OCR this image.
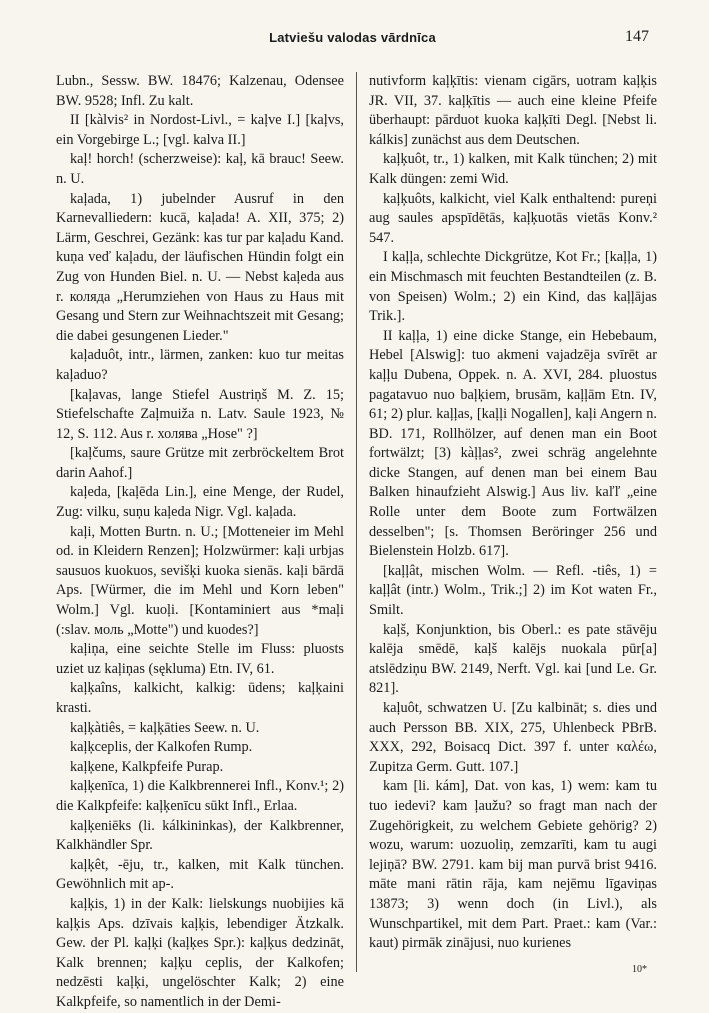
Latviešu valodas vārdnīca	147

Lubn., Sessw. BW. 18476; Kalzenau, Odensee BW. 9528; Infl. Zu kalt.

II [kàlvis² in Nordost-Livl., = kaļve I.] [kaļvs, ein Vorgebirge L.; [vgl. kalva II.]

kaļ! horch! (scherzweise): kaļ, kā brauc! Seew. n. U.

kaļada, 1) jubelnder Ausruf in den Karnevalliedern: kucā, kaļada! A. XII, 375; 2) Lärm, Geschrei, Gezänk: kas tur par kaļadu Kand. kuņa veď kaļadu, der läufischen Hündin folgt ein Zug von Hunden Biel. n. U. — Nebst kaļeda aus r. коляда „Herumziehen von Haus zu Haus mit Gesang und Stern zur Weihnachtszeit mit Gesang; die dabei gesungenen Lieder."

kaļaduôt, intr., lärmen, zanken: kuo tur meitas kaļaduo?

[kaļavas, lange Stiefel Austriņš M. Z. 15; Stiefelschafte Zaļmuiža n. Latv. Saule 1923, № 12, S. 112. Aus r. холява „Hose" ?]

[kaļčums, saure Grütze mit zerbröckeltem Brot darin Aahof.]

kaļeda, [kaļēda Lin.], eine Menge, der Rudel, Zug: vilku, suņu kaļeda Nigr. Vgl. kaļada.

kaļi, Motten Burtn. n. U.; [Motteneier im Mehl od. in Kleidern Renzen]; Holzwürmer: kaļi urbjas sausuos kuokuos, sevišķi kuoka sienās. kaļi bārdā Aps. [Würmer, die im Mehl und Korn leben" Wolm.] Vgl. kuoļi. [Kontaminiert aus *maļi (:slav. моль „Motte") und kuodes?]

kaļiņa, eine seichte Stelle im Fluss: pluosts uziet uz kaļiņas (sękluma) Etn. IV, 61.

kaļķaîns, kalkicht, kalkig: ūdens; kaļķaini krasti.

kaļķàtiês, = kaļķāties Seew. n. U.

kaļķceplis, der Kalkofen Rump.

kaļķene, Kalkpfeife Purap.

kaļķenīca, 1) die Kalkbrennerei Infl., Konv.¹; 2) die Kalkpfeife: kaļķenīcu sūkt Infl., Erlaa.

kaļķeniēks (li. kálkininkas), der Kalkbrenner, Kalkhändler Spr.

kaļķêt, -ēju, tr., kalken, mit Kalk tünchen. Gewöhnlich mit ap-.

kaļķis, 1) in der Kalk: lielskungs nuobijies kā kaļķis Aps. dzīvais kaļķis, lebendiger Ätzkalk. Gew. der Pl. kaļķi (kaļķes Spr.): kaļķus dedzināt, Kalk brennen; kaļķu ceplis, der Kalkofen; nedzēsti kaļķi, ungelöschter Kalk; 2) eine Kalkpfeife, so namentlich in der Demi-

nutivform kaļķītis: vienam cigārs, uotram kaļķis JR. VII, 37. kaļķītis — auch eine kleine Pfeife überhaupt: pārduot kuoka kaļķīti Degl. [Nebst li. kálkis] zunächst aus dem Deutschen.

kaļķuôt, tr., 1) kalken, mit Kalk tünchen; 2) mit Kalk düngen: zemi Wid.

kaļķuôts, kalkicht, viel Kalk enthaltend: pureņi aug saules apspīdētās, kaļķuotās vietās Konv.² 547.

I kaļļa, schlechte Dickgrütze, Kot Fr.; [kaļļa, 1) ein Mischmasch mit feuchten Bestandteilen (z. B. von Speisen) Wolm.; 2) ein Kind, das kaļļājas Trik.].

II kaļļa, 1) eine dicke Stange, ein Hebebaum, Hebel [Alswig]: tuo akmeni vajadzēja svīrēt ar kaļļu Dubena, Oppek. n. A. XVI, 284. pluostus pagatavuo nuo baļķiem, brusām, kaļļām Etn. IV, 61; 2) plur. kaļļas, [kaļļi Nogallen], kaļi Angern n. BD. 171, Rollhölzer, auf denen man ein Boot fortwälzt; [3) kàļļas², zwei schräg angelehnte dicke Stangen, auf denen man bei einem Bau Balken hinaufzieht Alswig.] Aus liv. kaľľ „eine Rolle unter dem Boote zum Fortwälzen desselben"; [s. Thomsen Beröringer 256 und Bielenstein Holzb. 617].

[kaļļât, mischen Wolm. — Refl. -tiês, 1) = kaļļât (intr.) Wolm., Trik.;] 2) im Kot waten Fr., Smilt.

kaļš, Konjunktion, bis Oberl.: es pate stāvēju kalēja smēdē, kaļš kalējs nuokala pūr[a] atslēdziņu BW. 2149, Nerft. Vgl. kai [und Le. Gr. 821].

kaļuôt, schwatzen U. [Zu kalbināt; s. dies und auch Persson BB. XIX, 275, Uhlenbeck PBrB. XXX, 292, Boisacq Dict. 397 f. unter καλέω, Zupitza Germ. Gutt. 107.]

kam [li. kám], Dat. von kas, 1) wem: kam tu tuo iedevi? kam ļaužu? so fragt man nach der Zugehörigkeit, zu welchem Gebiete gehörig? 2) wozu, warum: uozuoliņ, zemzarīti, kam tu augi lejiņā? BW. 2791. kam bij man purvā brist 9416. māte mani rātin rāja, kam nejēmu līgaviņas 13873; 3) wenn doch (in Livl.), als Wunschpartikel, mit dem Part. Praet.: kam (Var.: kaut) pirmāk zinājusi, nuo kurienes

10*
